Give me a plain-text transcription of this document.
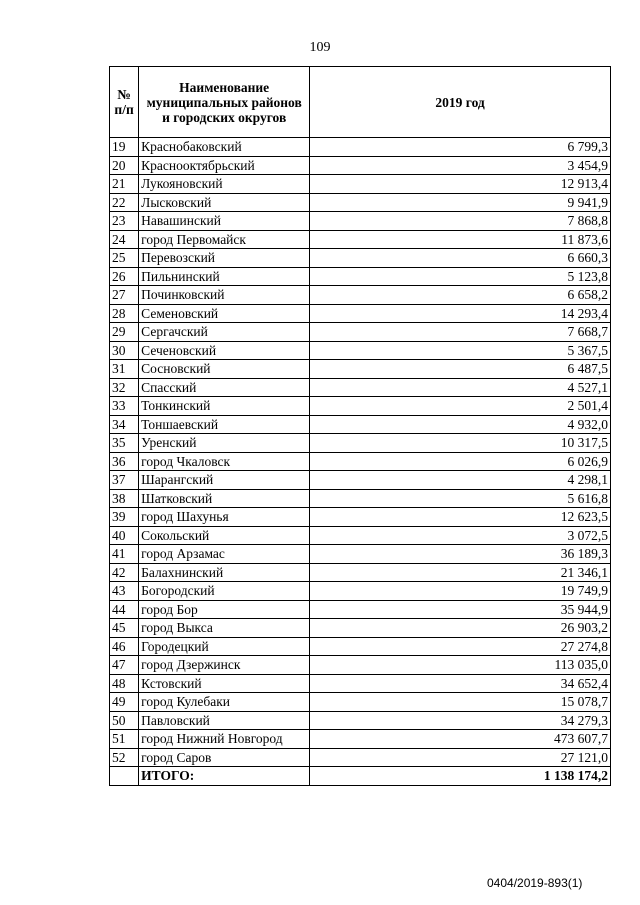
109
№ п/п	Наименование муниципальных районов и городских округов	2019 год
19	Краснобаковский	6 799,3
20	Краснооктябрьский	3 454,9
21	Лукояновский	12 913,4
22	Лысковский	9 941,9
23	Навашинский	7 868,8
24	город Первомайск	11 873,6
25	Перевозский	6 660,3
26	Пильнинский	5 123,8
27	Починковский	6 658,2
28	Семеновский	14 293,4
29	Сергачский	7 668,7
30	Сеченовский	5 367,5
31	Сосновский	6 487,5
32	Спасский	4 527,1
33	Тонкинский	2 501,4
34	Тоншаевский	4 932,0
35	Уренский	10 317,5
36	город Чкаловск	6 026,9
37	Шарангский	4 298,1
38	Шатковский	5 616,8
39	город Шахунья	12 623,5
40	Сокольский	3 072,5
41	город Арзамас	36 189,3
42	Балахнинский	21 346,1
43	Богородский	19 749,9
44	город Бор	35 944,9
45	город Выкса	26 903,2
46	Городецкий	27 274,8
47	город Дзержинск	113 035,0
48	Кстовский	34 652,4
49	город Кулебаки	15 078,7
50	Павловский	34 279,3
51	город Нижний Новгород	473 607,7
52	город Саров	27 121,0
	ИТОГО:	1 138 174,2
0404/2019-893(1)
